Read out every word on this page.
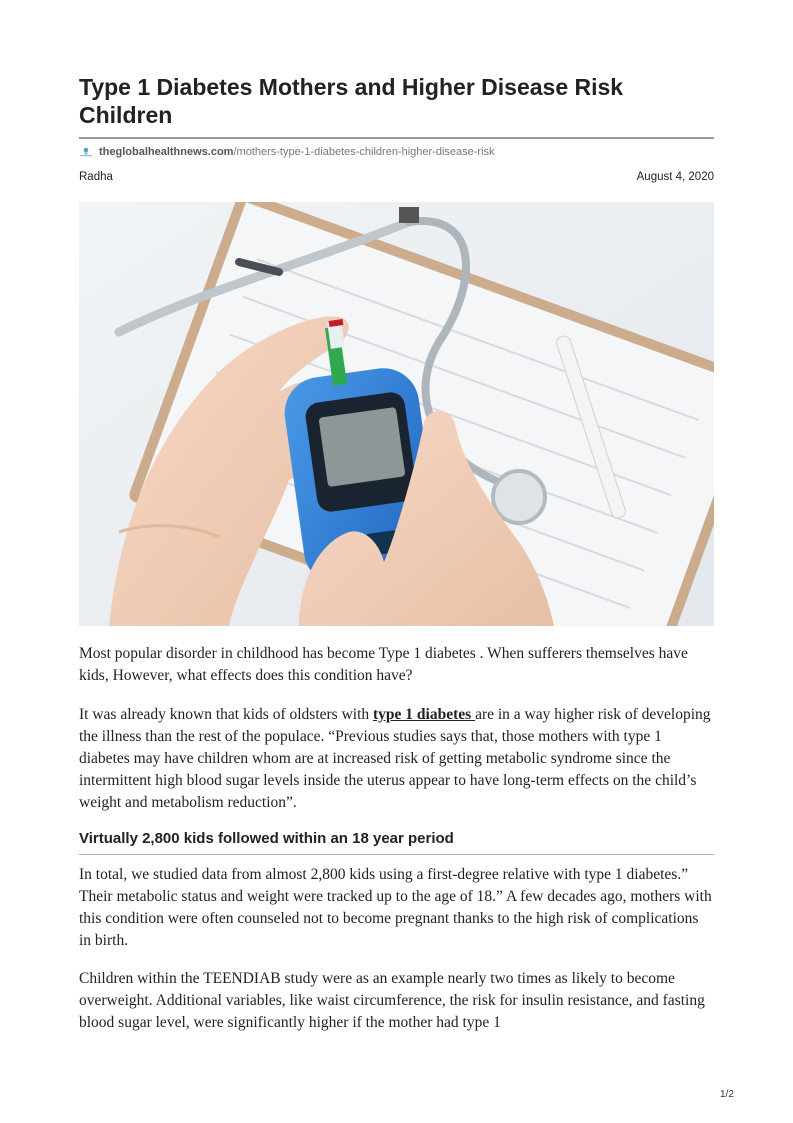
Type 1 Diabetes Mothers and Higher Disease Risk Children
theglobalhealthnews.com /mothers-type-1-diabetes-children-higher-disease-risk
Radha	August 4, 2020

Most popular disorder in childhood has become Type 1 diabetes . When sufferers themselves have kids, However, what effects does this condition have?

It was already known that kids of oldsters with type 1 diabetes are in a way higher risk of developing the illness than the rest of the populace. “Previous studies says that, those mothers with type 1 diabetes may have children whom are at increased risk of getting metabolic syndrome since the intermittent high blood sugar levels inside the uterus appear to have long-term effects on the child’s weight and metabolism reduction”.

Virtually 2,800 kids followed within an 18 year period

In total, we studied data from almost 2,800 kids using a first-degree relative with type 1 diabetes.” Their metabolic status and weight were tracked up to the age of 18.” A few decades ago, mothers with this condition were often counseled not to become pregnant thanks to the high risk of complications in birth.

Children within the TEENDIAB study were as an example nearly two times as likely to become overweight. Additional variables, like waist circumference, the risk for insulin resistance, and fasting blood sugar level, were significantly higher if the mother had type 1

1/2
